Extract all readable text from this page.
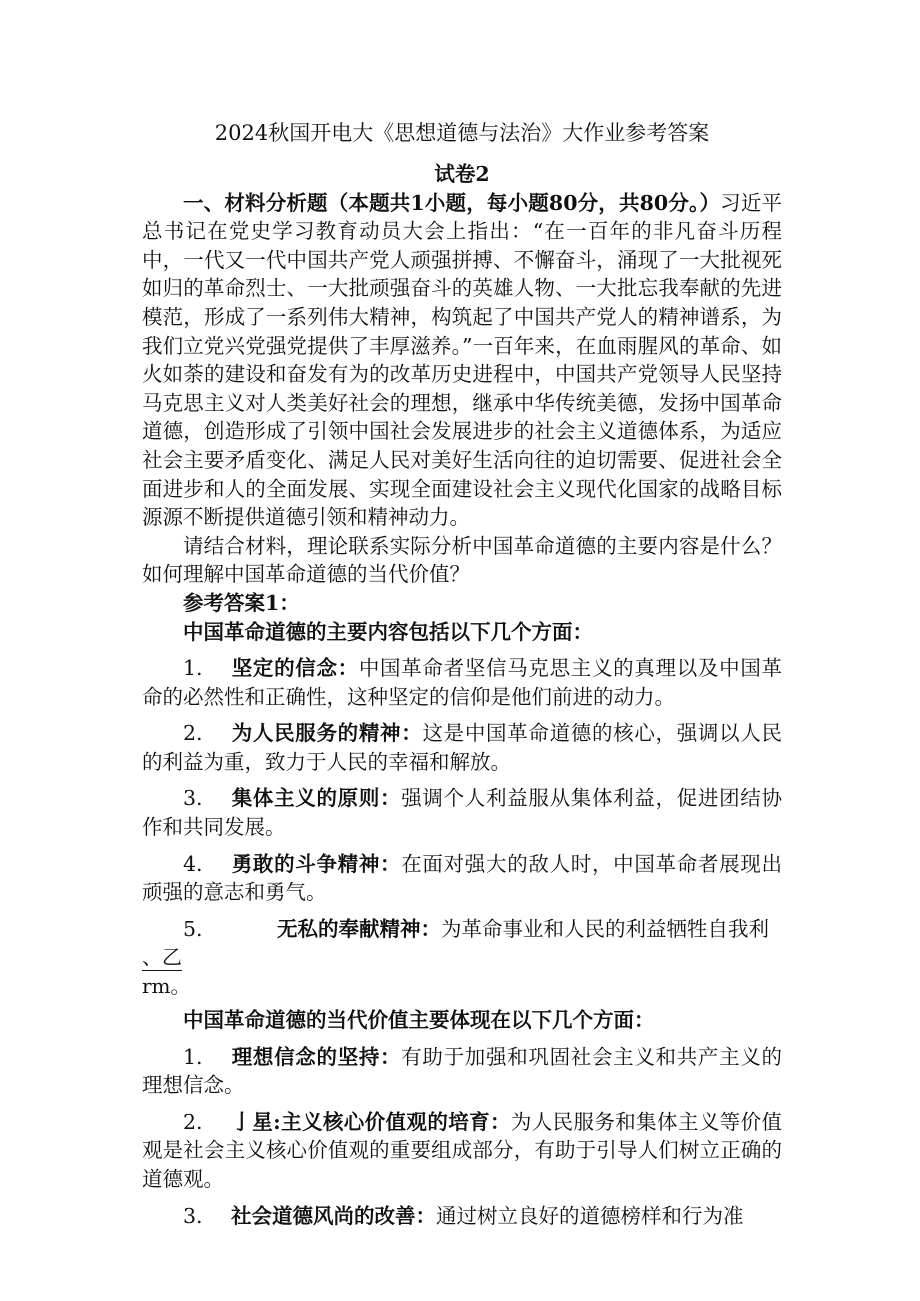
2024秋国开电大《思想道德与法治》大作业参考答案

试卷2

一、材料分析题（本题共1小题，每小题80分，共80分。）习近平总书记在党史学习教育动员大会上指出：“在一百年的非凡奋斗历程中，一代又一代中国共产党人顽强拼搏、不懈奋斗，涌现了一大批视死如归的革命烈士、一大批顽强奋斗的英雄人物、一大批忘我奉献的先进模范，形成了一系列伟大精神，构筑起了中国共产党人的精神谱系，为我们立党兴党强党提供了丰厚滋养。”一百年来，在血雨腥风的革命、如火如荼的建设和奋发有为的改革历史进程中，中国共产党领导人民坚持马克思主义对人类美好社会的理想，继承中华传统美德，发扬中国革命道德，创造形成了引领中国社会发展进步的社会主义道德体系，为适应社会主要矛盾变化、满足人民对美好生活向往的迫切需要、促进社会全面进步和人的全面发展、实现全面建设社会主义现代化国家的战略目标源源不断提供道德引领和精神动力。

请结合材料，理论联系实际分析中国革命道德的主要内容是什么？如何理解中国革命道德的当代价值？

参考答案1：

中国革命道德的主要内容包括以下几个方面：

1. 坚定的信念：中国革命者坚信马克思主义的真理以及中国革命的必然性和正确性，这种坚定的信仰是他们前进的动力。

2. 为人民服务的精神：这是中国革命道德的核心，强调以人民的利益为重，致力于人民的幸福和解放。

3. 集体主义的原则：强调个人利益服从集体利益，促进团结协作和共同发展。

4. 勇敢的斗争精神：在面对强大的敌人时，中国革命者展现出顽强的意志和勇气。

5.	无私的奉献精神：为革命事业和人民的利益牺牲自我利

、乙

rm。

中国革命道德的当代价值主要体现在以下几个方面：

1. 理想信念的坚持：有助于加强和巩固社会主义和共产主义的理想信念。

2. 亅星:主义核心价值观的培育：为人民服务和集体主义等价值观是社会主义核心价值观的重要组成部分，有助于引导人们树立正确的道德观。

3. 社会道德风尚的改善：通过树立良好的道德榜样和行为准
